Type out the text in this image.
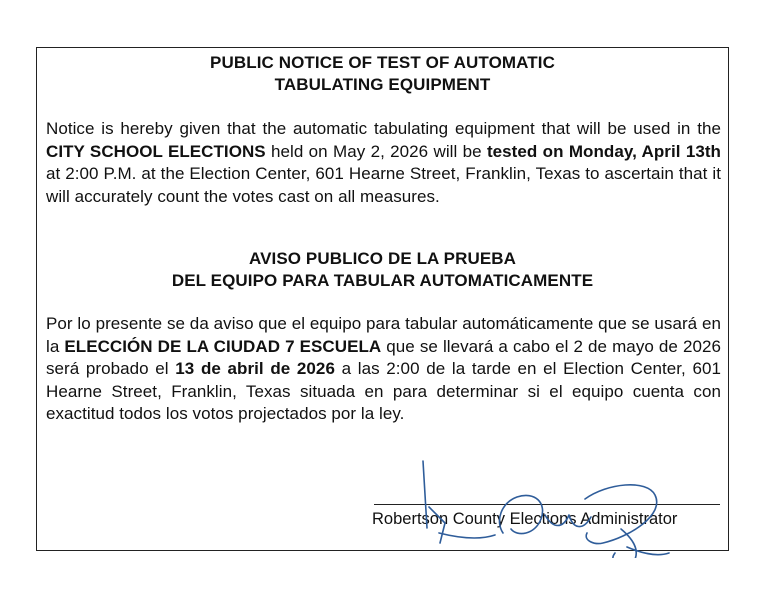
PUBLIC NOTICE OF TEST OF AUTOMATIC
TABULATING EQUIPMENT
Notice is hereby given that the automatic tabulating equipment that will be used in the CITY SCHOOL ELECTIONS held on May 2, 2026 will be tested on Monday, April 13th at 2:00 P.M. at the Election Center, 601 Hearne Street, Franklin, Texas to ascertain that it will accurately count the votes cast on all measures.
AVISO PUBLICO DE LA PRUEBA
DEL EQUIPO PARA TABULAR AUTOMATICAMENTE
Por lo presente se da aviso que el equipo para tabular automáticamente que se usará en la ELECCIÓN DE LA CIUDAD 7 ESCUELA que se llevará a cabo el 2 de mayo de 2026 será probado el 13 de abril de 2026 a las 2:00 de la tarde en el Election Center, 601 Hearne Street, Franklin, Texas situada en para determinar si el equipo cuenta con exactitud todos los votos projectados por la ley.
Robertson County Elections Administrator
